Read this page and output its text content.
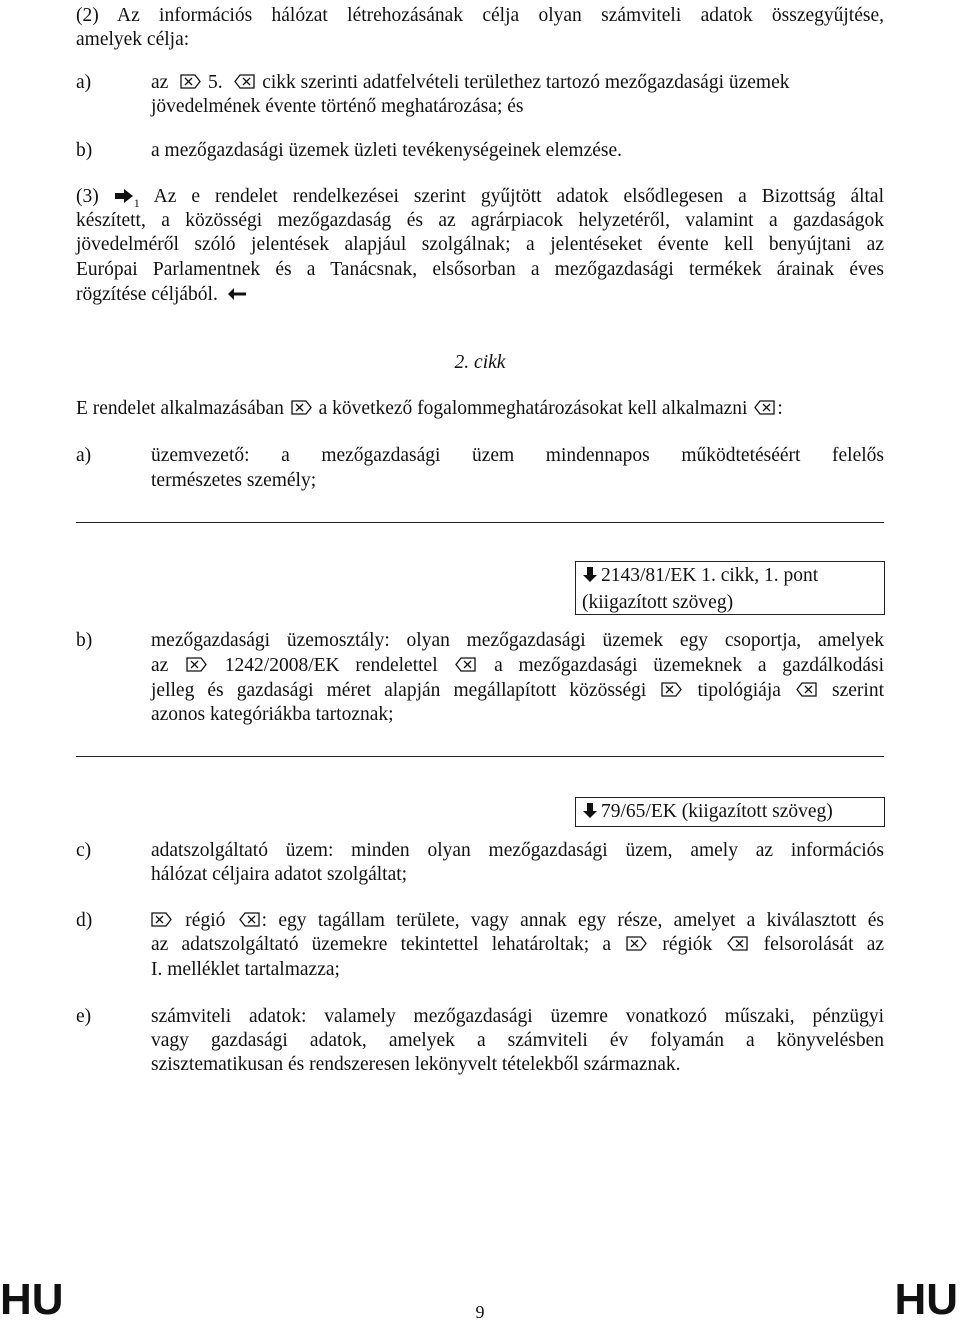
(2) Az információs hálózat létrehozásának célja olyan számviteli adatok összegyűjtése,
amelyek célja:
a)	az
5.
cikk szerinti adatfelvételi területhez tartozó mezőgazdasági üzemek
jövedelmének évente történő meghatározása; és
b)	a mezőgazdasági üzemek üzleti tevékenységeinek elemzése.
(3)	$_1$ Az e rendelet rendelkezései szerint gyűjtött adatok elsődlegesen a Bizottság által
készített, a közösségi mezőgazdaság és az agrárpiacok helyzetéről, valamint a gazdaságok
jövedelméről szóló jelentések alapjául szolgálnak; a jelentéseket évente kell benyújtani az
Európai Parlamentnek és a Tanácsnak, elsősorban a mezőgazdasági termékek árainak éves
rögzítése céljából.
2. cikk
E rendelet alkalmazásában
a következő fogalommeghatározásokat kell alkalmazni :
a)	üzemvezető: a mezőgazdasági üzem mindennapos működtetéséért felelős
természetes személy;
2143/81/EK 1. cikk, 1. pont
(kiigazított szöveg)
b)	mezőgazdasági üzemosztály: olyan mezőgazdasági üzemek egy csoportja, amelyek
az
1242/2008/EK rendelettel
a mezőgazdasági üzemeknek a gazdálkodási
jelleg és gazdasági méret alapján megállapított közösségi
tipológiája
szerint
azonos kategóriákba tartoznak;
79/65/EK (kiigazított szöveg)
c)	adatszolgáltató üzem: minden olyan mezőgazdasági üzem, amely az információs
hálózat céljaira adatot szolgáltat;
d)	régió : egy tagállam területe, vagy annak egy része, amelyet a kiválasztott és
az adatszolgáltató üzemekre tekintettel lehatároltak; a
régiók
felsorolását az
I. melléklet tartalmazza;
e)	számviteli adatok: valamely mezőgazdasági üzemre vonatkozó műszaki, pénzügyi
vagy gazdasági adatok, amelyek a számviteli év folyamán a könyvelésben
szisztematikusan és rendszeresen lekönyvelt tételekből származnak.
HU	9	HU
